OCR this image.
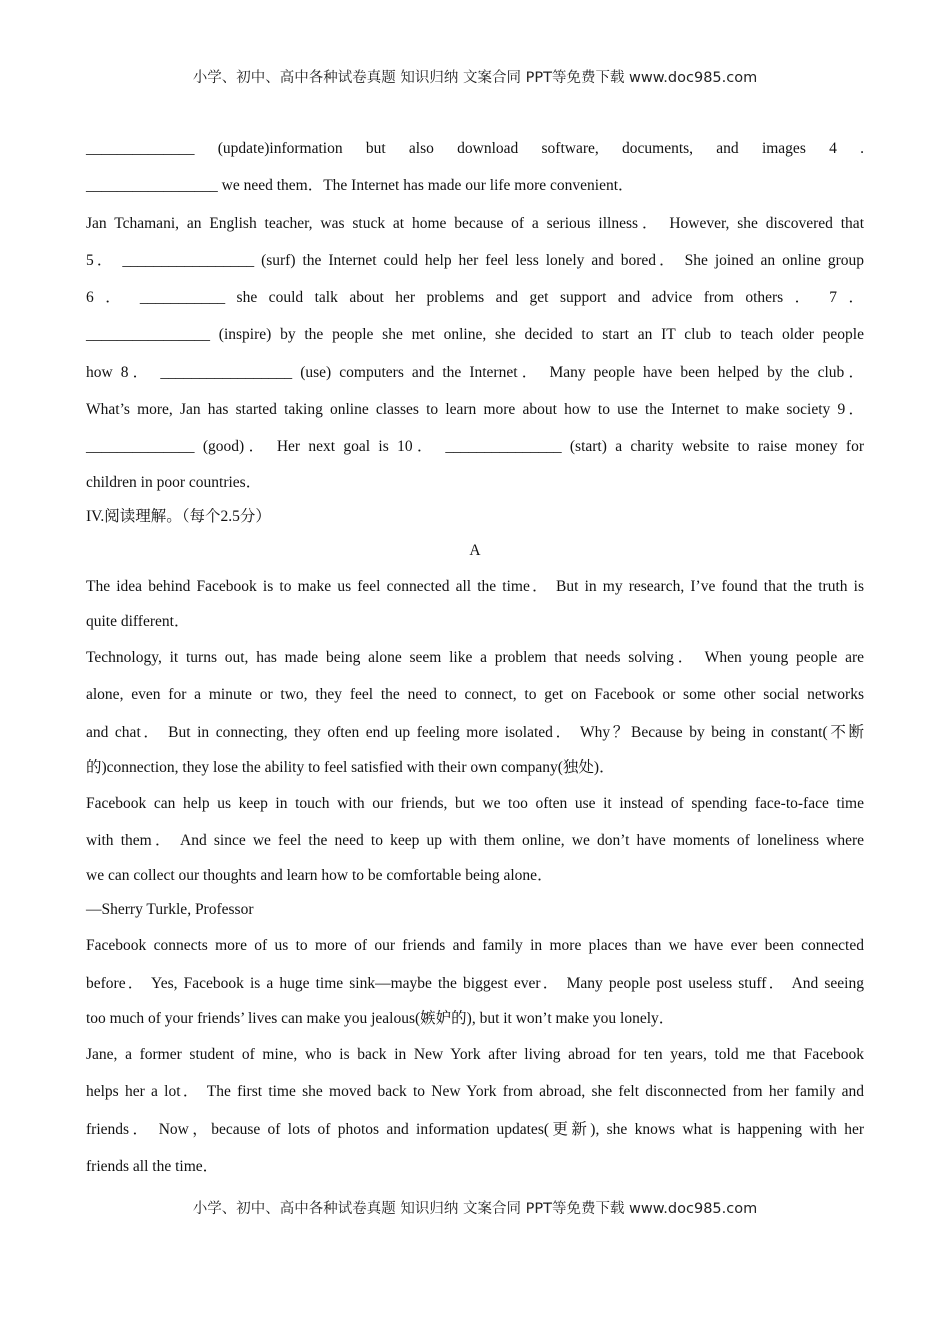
小学、初中、高中各种试卷真题 知识归纳 文案合同 PPT等免费下载 www.doc985.com
______________ (update)information but also download software, documents, and images 4 .
_________________ we need them．The Internet has made our life more convenient．
Jan Tchamani, an English teacher, was stuck at home because of a serious illness． However, she discovered that
5． _________________ (surf) the Internet could help her feel less lonely and bored． She joined an online group
6 ． ___________ she could talk about her problems and get support and advice from others ． 7 ．
________________ (inspire) by the people she met online, she decided to start an IT club to teach older people
how 8． _________________ (use) computers and the Internet． Many people have been helped by the club．
What’s more, Jan has started taking online classes to learn more about how to use the Internet to make society 9．
______________ (good)． Her next goal is 10． _______________ (start) a charity website to raise money for
children in poor countries．
IV.阅读理解。（每个2.5分）
A
The idea behind Facebook is to make us feel connected all the time． But in my research, I’ve found that the truth is
quite different．
Technology, it turns out, has made being alone seem like a problem that needs solving． When young people are
alone, even for a minute or two, they feel the need to connect, to get on Facebook or some other social networks
and chat． But in connecting, they often end up feeling more isolated． Why？Because by being in constant(不断
的)connection, they lose the ability to feel satisfied with their own company(独处)．
Facebook can help us keep in touch with our friends, but we too often use it instead of spending face-to-face time
with them． And since we feel the need to keep up with them online, we don’t have moments of loneliness where
we can collect our thoughts and learn how to be comfortable being alone．
—Sherry Turkle, Professor
Facebook connects more of us to more of our friends and family in more places than we have ever been connected
before． Yes, Facebook is a huge time sink—maybe the biggest ever． Many people post useless stuff． And seeing
too much of your friends’ lives can make you jealous(嫉妒的), but it won’t make you lonely．
Jane, a former student of mine, who is back in New York after living abroad for ten years, told me that Facebook
helps her a lot． The first time she moved back to New York from abroad, she felt disconnected from her family and
friends． Now，because of lots of photos and information updates(更新), she knows what is happening with her
friends all the time．
小学、初中、高中各种试卷真题 知识归纳 文案合同 PPT等免费下载 www.doc985.com
